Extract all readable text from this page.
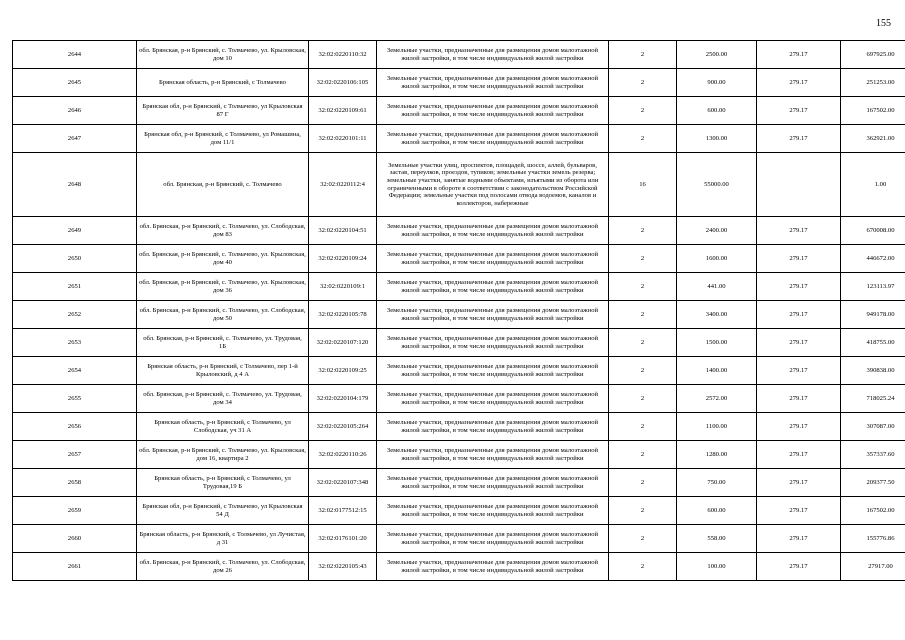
155
2644	обл. Брянская, р-н Брянский, с. Толмачево, ул. Крыловская, дом 10	32:02:0220110:32	Земельные участки, предназначенные для размещения домов малоэтажной жилой застройки, в том числе индивидуальной жилой застройки	2	2500.00	279.17	697925.00
2645	Брянская область, р-н Брянский, с Толмачево	32:02:0220106:105	Земельные участки, предназначенные для размещения домов малоэтажной жилой застройки, в том числе индивидуальной жилой застройки	2	900.00	279.17	251253.00
2646	Брянская обл, р-н Брянский, с Толмачево, ул Крыловская 87 Г	32:02:0220109:61	Земельные участки, предназначенные для размещения домов малоэтажной жилой застройки, в том числе индивидуальной жилой застройки	2	600.00	279.17	167502.00
2647	Брянская обл, р-н Брянский, с Толмачево, ул Ромашина, дом 11/1	32:02:0220101:11	Земельные участки, предназначенные для размещения домов малоэтажной жилой застройки, в том числе индивидуальной жилой застройки	2	1300.00	279.17	362921.00
2648	обл. Брянская, р-н Брянский, с. Толмачево	32:02:0220112:4	Земельные участки улиц, проспектов, площадей, шоссе, аллей, бульваров, застав, переулков, проездов, тупиков; земельные участки земель резерва; земельные участки, занятые водными объектами, изъятыми из оборота или ограниченными в обороте в соответствии с законодательством Российской Федерации; земельные участки под полосами отвода водоемов, каналов и коллекторов, набережные	16	55000.00		1.00
2649	обл. Брянская, р-н Брянский, с. Толмачево, ул. Слободская, дом 83	32:02:0220104:51	Земельные участки, предназначенные для размещения домов малоэтажной жилой застройки, в том числе индивидуальной жилой застройки	2	2400.00	279.17	670008.00
2650	обл. Брянская, р-н Брянский, с. Толмачево, ул. Крыловская, дом 40	32:02:0220109:24	Земельные участки, предназначенные для размещения домов малоэтажной жилой застройки, в том числе индивидуальной жилой застройки	2	1600.00	279.17	446672.00
2651	обл. Брянская, р-н Брянский, с. Толмачево, ул. Крыловская, дом 36	32:02:0220109:1	Земельные участки, предназначенные для размещения домов малоэтажной жилой застройки, в том числе индивидуальной жилой застройки	2	441.00	279.17	123113.97
2652	обл. Брянская, р-н Брянский, с. Толмачево, ул. Слободская, дом 50	32:02:0220105:78	Земельные участки, предназначенные для размещения домов малоэтажной жилой застройки, в том числе индивидуальной жилой застройки	2	3400.00	279.17	949178.00
2653	обл. Брянская, р-н Брянский, с. Толмачево, ул. Трудовая, 1Б	32:02:0220107:120	Земельные участки, предназначенные для размещения домов малоэтажной жилой застройки, в том числе индивидуальной жилой застройки	2	1500.00	279.17	418755.00
2654	Брянская область, р-н Брянский, с Толмачево, пер 1-й Крыловский, д 4 А	32:02:0220109:25	Земельные участки, предназначенные для размещения домов малоэтажной жилой застройки, в том числе индивидуальной жилой застройки	2	1400.00	279.17	390838.00
2655	обл. Брянская, р-н Брянский, с. Толмачево, ул. Трудовая, дом 34	32:02:0220104:179	Земельные участки, предназначенные для размещения домов малоэтажной жилой застройки, в том числе индивидуальной жилой застройки	2	2572.00	279.17	718025.24
2656	Брянская область, р-н Брянский, с Толмачево, ул Слободская, уч 31 А	32:02:0220105:264	Земельные участки, предназначенные для размещения домов малоэтажной жилой застройки, в том числе индивидуальной жилой застройки	2	1100.00	279.17	307087.00
2657	обл. Брянская, р-н Брянский, с. Толмачево, ул. Крыловская, дом 16, квартира 2	32:02:0220110:26	Земельные участки, предназначенные для размещения домов малоэтажной жилой застройки, в том числе индивидуальной жилой застройки	2	1280.00	279.17	357337.60
2658	Брянская область, р-н Брянский, с Толмачево, ул Трудовая,19 Б	32:02:0220107:348	Земельные участки, предназначенные для размещения домов малоэтажной жилой застройки, в том числе индивидуальной жилой застройки	2	750.00	279.17	209377.50
2659	Брянская обл, р-н Брянский, с Толмачево, ул Крыловская 54 Д	32:02:0177512:15	Земельные участки, предназначенные для размещения домов малоэтажной жилой застройки, в том числе индивидуальной жилой застройки	2	600.00	279.17	167502.00
2660	Брянская область, р-н Брянский, с Толмачево, ул Лучистая, д 31	32:02:0176101:20	Земельные участки, предназначенные для размещения домов малоэтажной жилой застройки, в том числе индивидуальной жилой застройки	2	558.00	279.17	155776.86
2661	обл. Брянская, р-н Брянский, с. Толмачево, ул. Слободская, дом 26	32:02:0220105:43	Земельные участки, предназначенные для размещения домов малоэтажной жилой застройки, в том числе индивидуальной жилой застройки	2	100.00	279.17	27917.00
